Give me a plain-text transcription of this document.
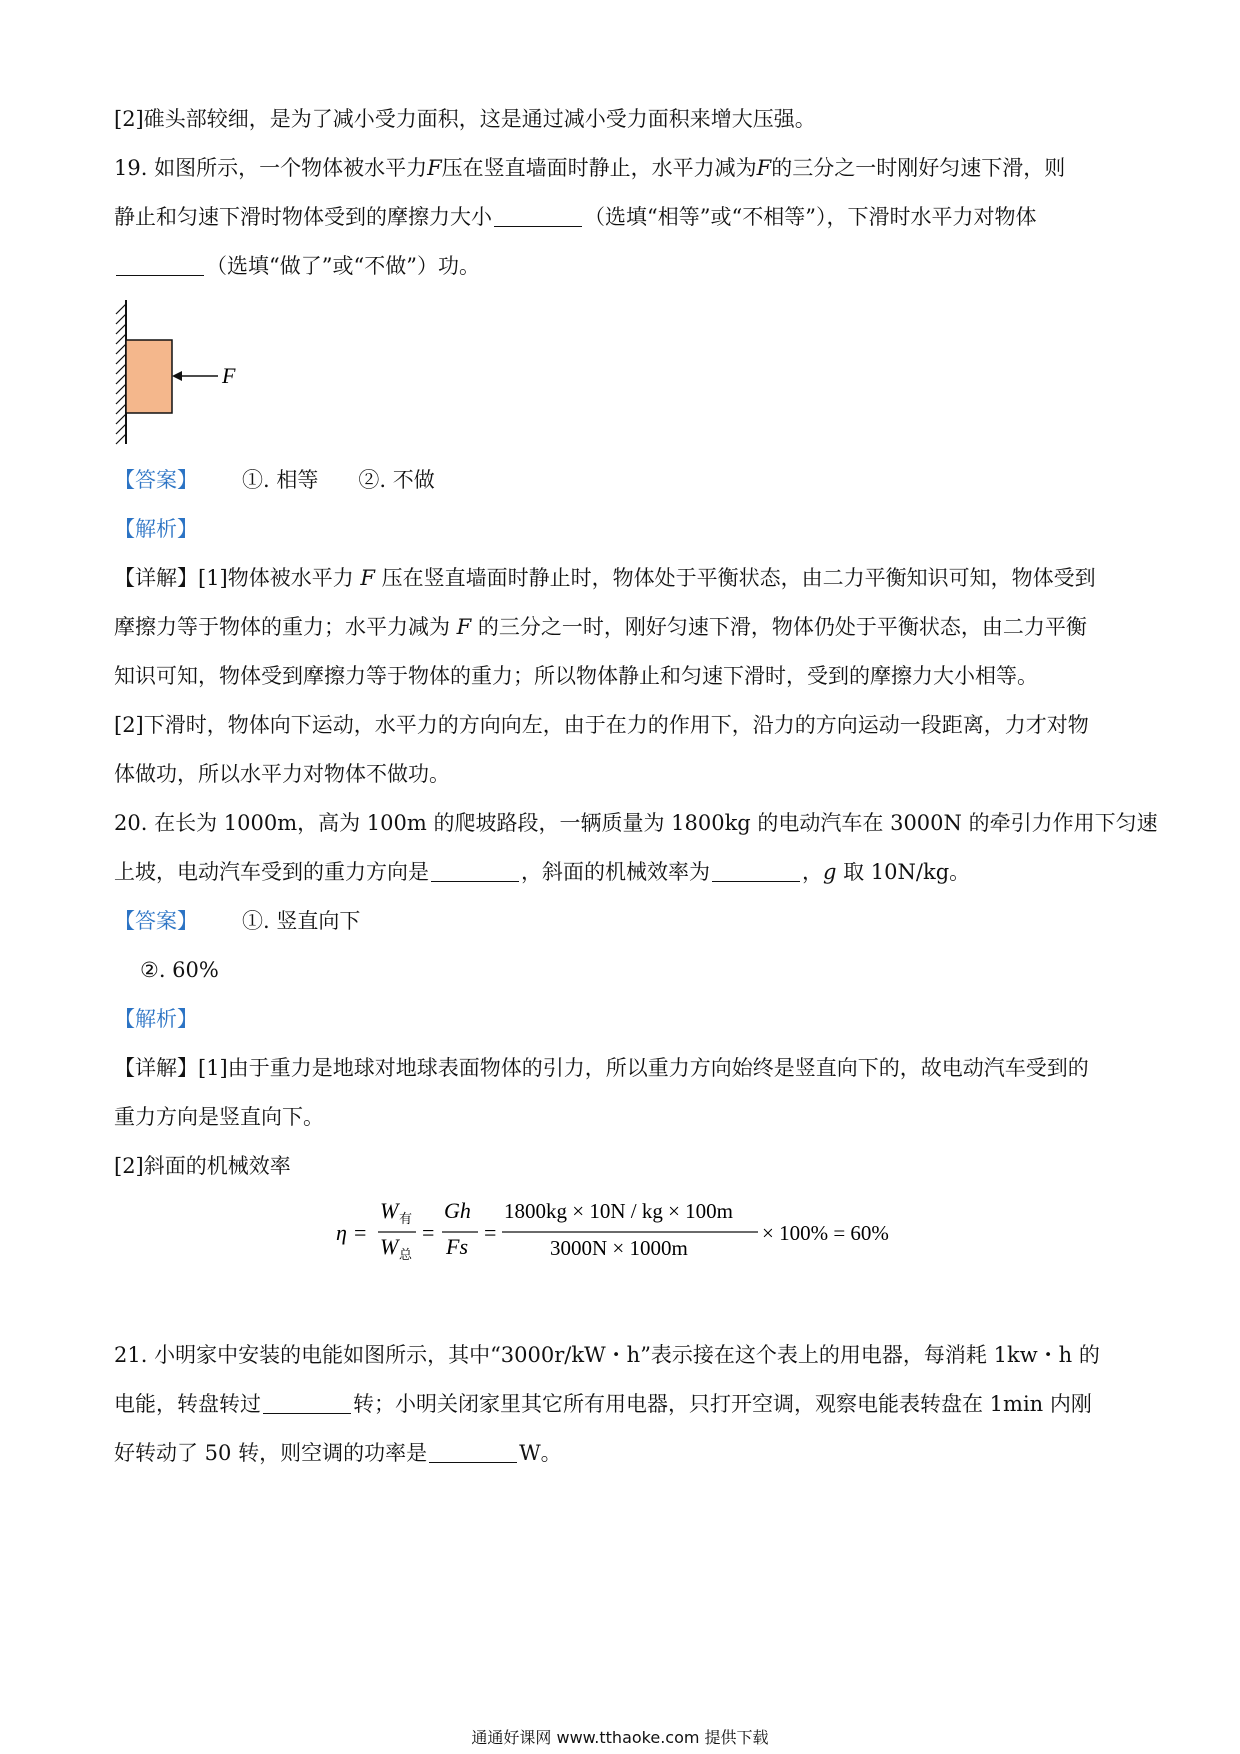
[2]碓头部较细，是为了减小受力面积，这是通过减小受力面积来增大压强。
19. 如图所示，一个物体被水平力F压在竖直墙面时静止，水平力减为F的三分之一时刚好匀速下滑，则
静止和匀速下滑时物体受到的摩擦力大小	（选填“相等”或“不相等”），下滑时水平力对物体
（选填“做了”或“不做”）功。
F
【答案】 ①. 相等 ②. 不做
【解析】
【详解】[1]物体被水平力 F 压在竖直墙面时静止时，物体处于平衡状态，由二力平衡知识可知，物体受到
摩擦力等于物体的重力；水平力减为 F 的三分之一时，刚好匀速下滑，物体仍处于平衡状态，由二力平衡
知识可知，物体受到摩擦力等于物体的重力；所以物体静止和匀速下滑时，受到的摩擦力大小相等。
[2]下滑时，物体向下运动，水平力的方向向左，由于在力的作用下，沿力的方向运动一段距离，力才对物
体做功，所以水平力对物体不做功。
20. 在长为 1000m，高为 100m 的爬坡路段，一辆质量为 1800kg 的电动汽车在 3000N 的牵引力作用下匀速
上坡，电动汽车受到的重力方向是	，斜面的机械效率为	，g 取 10N/kg。
【答案】 ①. 竖直向下
②. 60%
【解析】
【详解】[1]由于重力是地球对地球表面物体的引力，所以重力方向始终是竖直向下的，故电动汽车受到的
重力方向是竖直向下。
[2]斜面的机械效率
η =
W 有
W 总
=
Gh
Fs
=
1800kg × 10N / kg × 100m
3000N × 1000m
× 100% = 60%
21. 小明家中安装的电能如图所示，其中“3000r/kW・h”表示接在这个表上的用电器，每消耗 1kw・h 的
电能，转盘转过	转；小明关闭家里其它所有用电器，只打开空调，观察电能表转盘在 1min 内刚
好转动了 50 转，则空调的功率是	W。
通通好课网 www.tthaoke.com 提供下载
